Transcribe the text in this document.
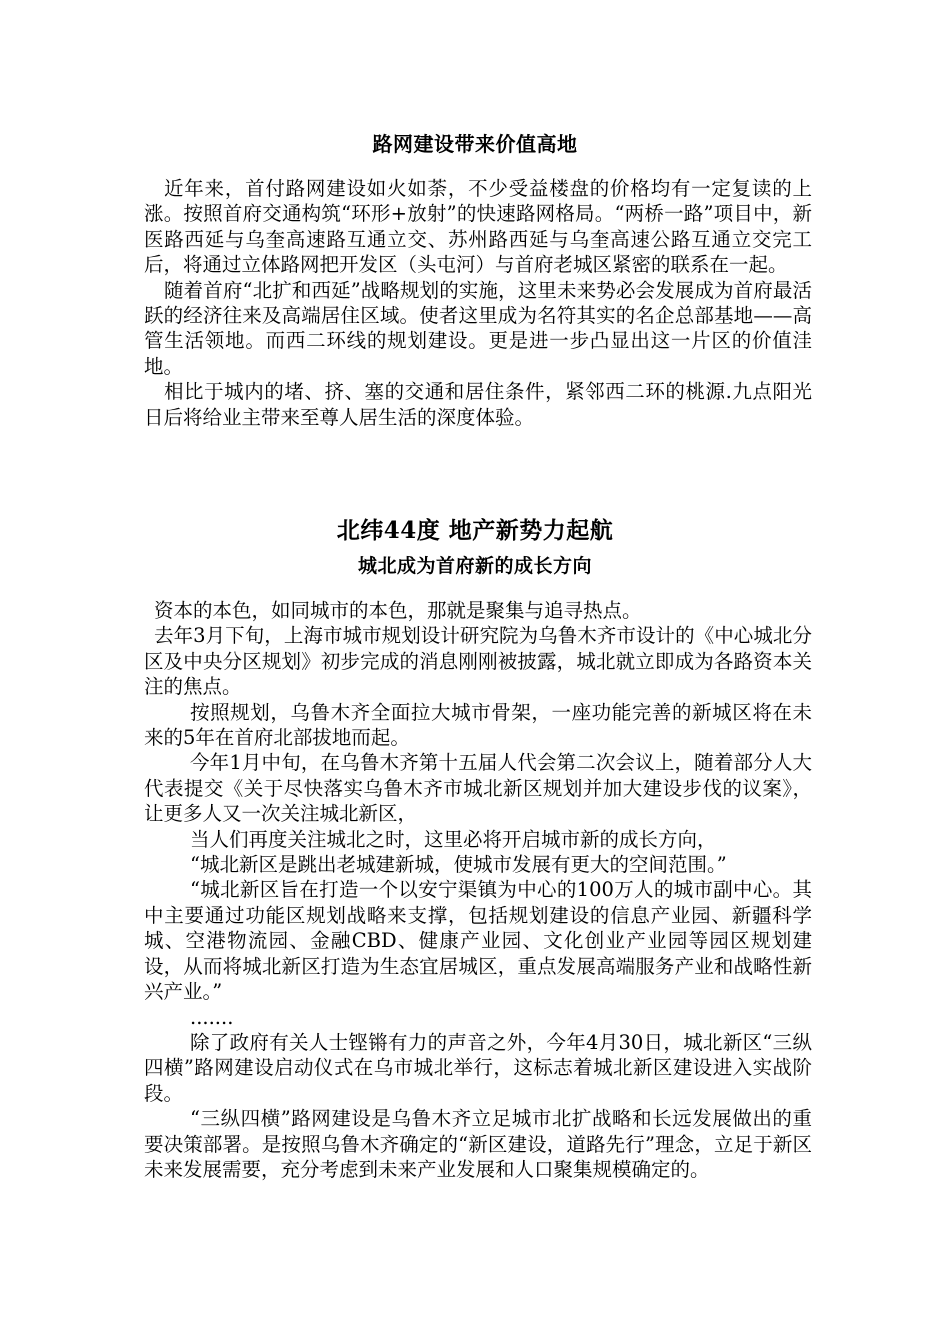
路网建设带来价值高地

近年来，首付路网建设如火如荼，不少受益楼盘的价格均有一定复读的上涨。按照首府交通构筑“环形+放射”的快速路网格局。“两桥一路”项目中，新医路西延与乌奎高速路互通立交、苏州路西延与乌奎高速公路互通立交完工后，将通过立体路网把开发区（头屯河）与首府老城区紧密的联系在一起。

随着首府“北扩和西延”战略规划的实施，这里未来势必会发展成为首府最活跃的经济往来及高端居住区域。使者这里成为名符其实的名企总部基地——高管生活领地。而西二环线的规划建设。更是进一步凸显出这一片区的价值洼地。

相比于城内的堵、挤、塞的交通和居住条件，紧邻西二环的桃源.九点阳光日后将给业主带来至尊人居生活的深度体验。

北纬44度 地产新势力起航
城北成为首府新的成长方向

资本的本色，如同城市的本色，那就是聚集与追寻热点。

去年3月下旬，上海市城市规划设计研究院为乌鲁木齐市设计的《中心城北分区及中央分区规划》初步完成的消息刚刚被披露，城北就立即成为各路资本关注的焦点。

按照规划，乌鲁木齐全面拉大城市骨架，一座功能完善的新城区将在未来的5年在首府北部拔地而起。

今年1月中旬，在乌鲁木齐第十五届人代会第二次会议上，随着部分人大代表提交《关于尽快落实乌鲁木齐市城北新区规划并加大建设步伐的议案》，让更多人又一次关注城北新区，

当人们再度关注城北之时，这里必将开启城市新的成长方向，

“城北新区是跳出老城建新城，使城市发展有更大的空间范围。”

“城北新区旨在打造一个以安宁渠镇为中心的100万人的城市副中心。其中主要通过功能区规划战略来支撑，包括规划建设的信息产业园、新疆科学城、空港物流园、金融CBD、健康产业园、文化创业产业园等园区规划建设，从而将城北新区打造为生态宜居城区，重点发展高端服务产业和战略性新兴产业。”

.......

除了政府有关人士铿锵有力的声音之外，今年4月30日，城北新区“三纵四横”路网建设启动仪式在乌市城北举行，这标志着城北新区建设进入实战阶段。

“三纵四横”路网建设是乌鲁木齐立足城市北扩战略和长远发展做出的重要决策部署。是按照乌鲁木齐确定的“新区建设，道路先行”理念，立足于新区未来发展需要，充分考虑到未来产业发展和人口聚集规模确定的。
